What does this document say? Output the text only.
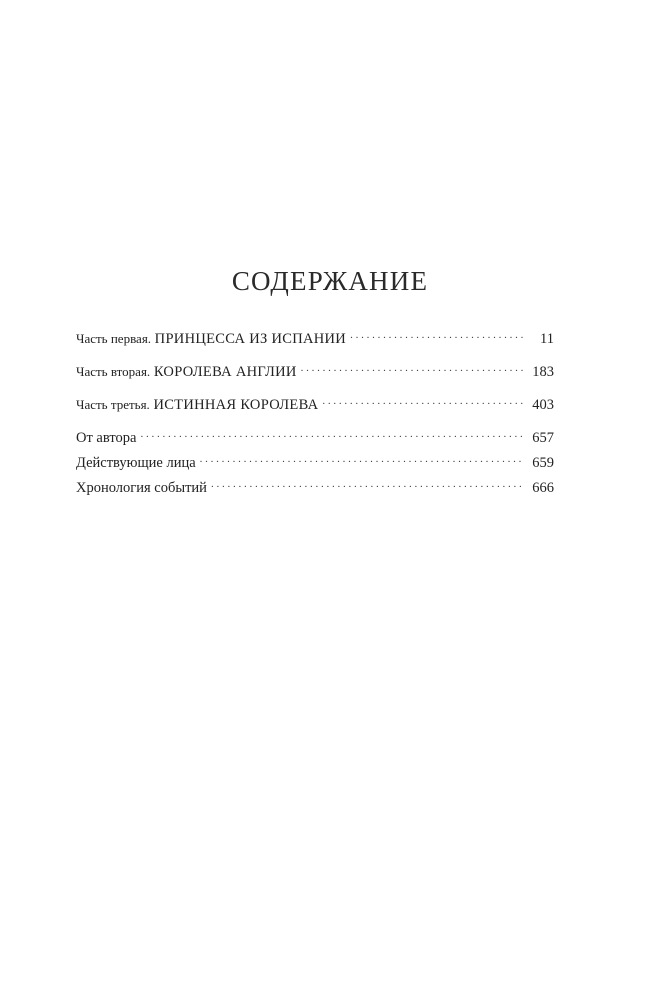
СОДЕРЖАНИЕ
Часть первая. ПРИНЦЕССА ИЗ ИСПАНИИ . . .	11
Часть вторая. КОРОЛЕВА АНГЛИИ . . .	183
Часть третья. ИСТИННАЯ КОРОЛЕВА . . .	403
От автора . . .	657
Действующие лица . . .	659
Хронология событий . . .	666
